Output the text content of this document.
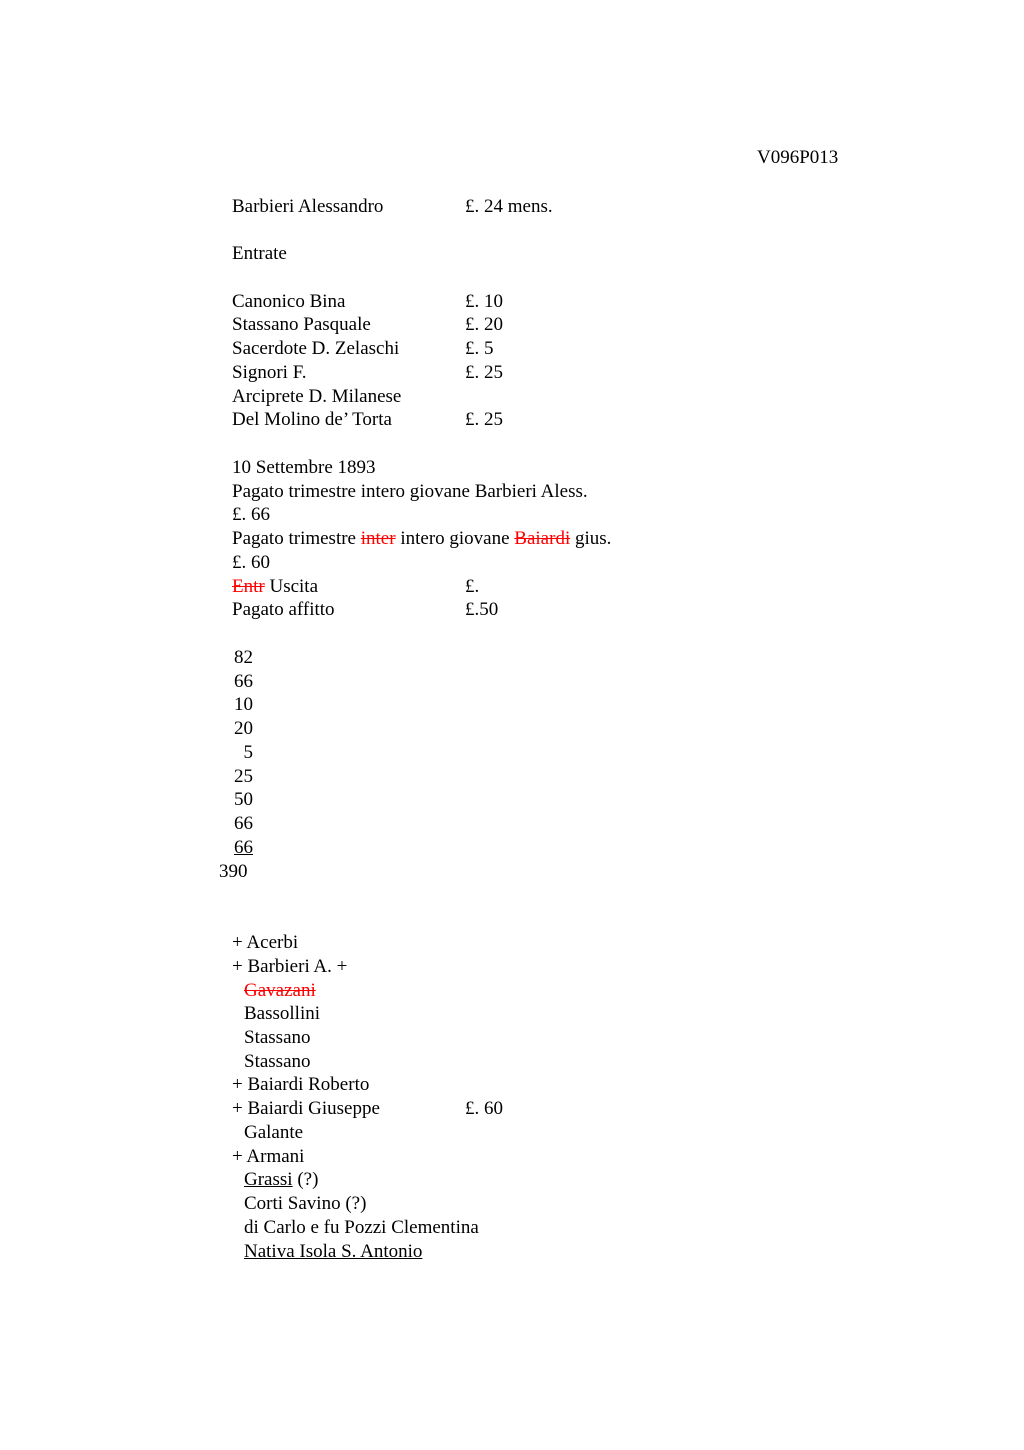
V096P013
Barbieri Alessandro	£. 24 mens.
Entrate
Canonico Bina	£. 10
Stassano Pasquale	£. 20
Sacerdote D. Zelaschi	£. 5
Signori F.	£. 25
Arciprete D. Milanese
Del Molino de’ Torta	£. 25
10 Settembre 1893
Pagato trimestre intero giovane Barbieri Aless.
£. 66
Pagato trimestre inter intero giovane Baiardi gius.
£. 60
Entr Uscita	£.
Pagato affitto	£.50
82
66
10
20
5
25
50
66
66
390
+ Acerbi
+ Barbieri A. +
Gavazani
Bassollini
Stassano
Stassano
+ Baiardi Roberto
+ Baiardi Giuseppe	£. 60
Galante
+ Armani
Grassi (?)
Corti Savino (?)
di Carlo e fu Pozzi Clementina
Nativa Isola S. Antonio
